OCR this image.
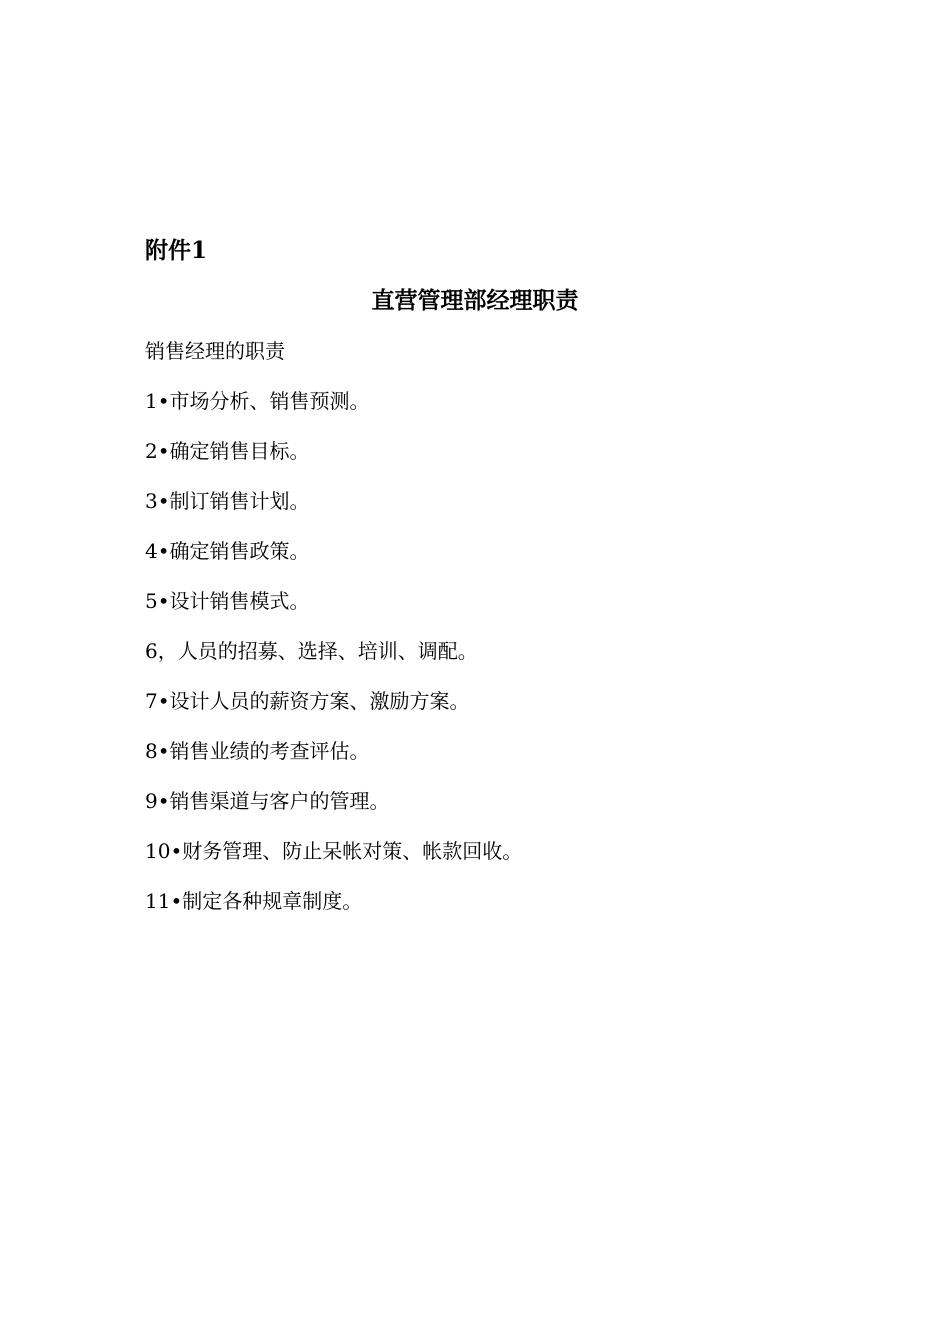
附件1
直营管理部经理职责
销售经理的职责
1•市场分析、销售预测。
2•确定销售目标。
3•制订销售计划。
4•确定销售政策。
5•设计销售模式。
6，人员的招募、选择、培训、调配。
7•设计人员的薪资方案、激励方案。
8•销售业绩的考查评估。
9•销售渠道与客户的管理。
10•财务管理、防止呆帐对策、帐款回收。
11•制定各种规章制度。
